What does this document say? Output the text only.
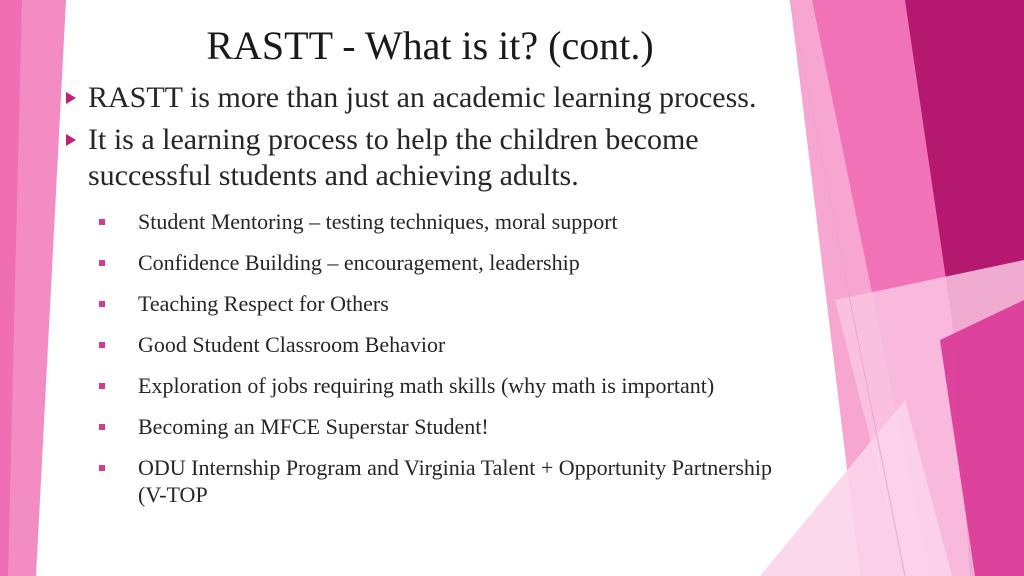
RASTT - What is it? (cont.)
RASTT is more than just an academic learning process.
It is a learning process to help the children become successful students and achieving adults.
Student Mentoring – testing techniques, moral support
Confidence Building – encouragement, leadership
Teaching Respect for Others
Good Student Classroom Behavior
Exploration of jobs requiring math skills (why math is important)
Becoming an MFCE Superstar Student!
ODU Internship Program and Virginia Talent + Opportunity Partnership (V-TOP
